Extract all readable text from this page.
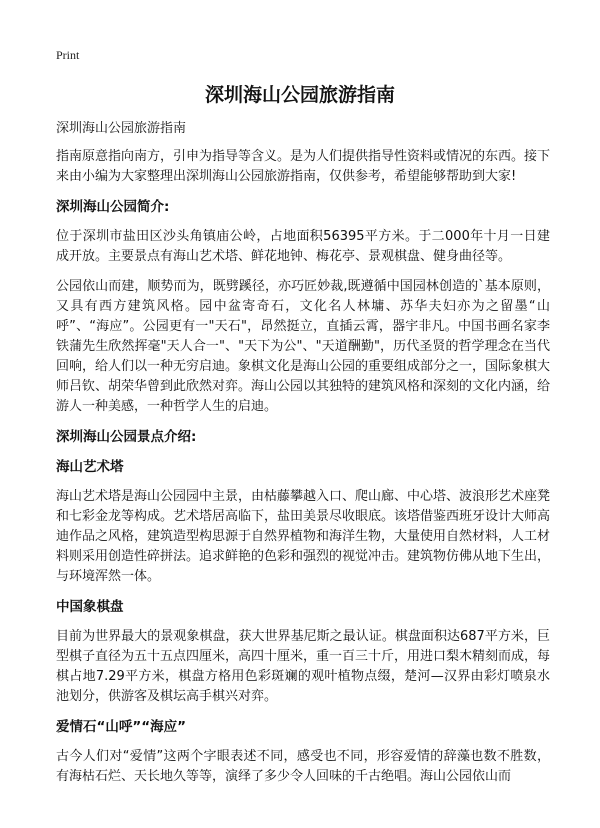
Print
深圳海山公园旅游指南

深圳海山公园旅游指南

指南原意指向南方，引申为指导等含义。是为人们提供指导性资料或情况的东西。接下来由小编为大家整理出深圳海山公园旅游指南，仅供参考，希望能够帮助到大家!

深圳海山公园简介:

位于深圳市盐田区沙头角镇庙公岭，占地面积56395平方米。于二000年十月一日建成开放。主要景点有海山艺术塔、鲜花地钟、梅花亭、景观棋盘、健身曲径等。

公园依山而建，顺势而为，既劈蹊径，亦巧匠妙裁,既遵循中国园林创造的`基本原则，又具有西方建筑风格。园中盆寄奇石，文化名人林墉、苏华夫妇亦为之留墨“山呼”、“海应”。公园更有一"天石"，昂然挺立，直插云霄，器宇非凡。中国书画名家李铁蒲先生欣然挥毫"天人合一"、"天下为公"、"天道酬勤"，历代圣贤的哲学理念在当代回响，给人们以一种无穷启迪。象棋文化是海山公园的重要组成部分之一，国际象棋大师吕钦、胡荣华曾到此欣然对弈。海山公园以其独特的建筑风格和深刻的文化内涵，给游人一种美感，一种哲学人生的启迪。

深圳海山公园景点介绍:
海山艺术塔

海山艺术塔是海山公园园中主景，由枯藤攀越入口、爬山廊、中心塔、波浪形艺术座凳和七彩金龙等构成。艺术塔居高临下，盐田美景尽收眼底。该塔借鉴西班牙设计大师高迪作品之风格，建筑造型构思源于自然界植物和海洋生物，大量使用自然材料，人工材料则采用创造性碎拼法。追求鲜艳的色彩和强烈的视觉冲击。建筑物仿佛从地下生出，与环境浑然一体。

中国象棋盘

目前为世界最大的景观象棋盘，获大世界基尼斯之最认证。棋盘面积达687平方米，巨型棋子直径为五十五点四厘米，高四十厘米，重一百三十斤，用进口梨木精刻而成，每棋占地7.29平方米，棋盘方格用色彩斑斓的观叶植物点缀，楚河—汉界由彩灯喷泉水池划分，供游客及棋坛高手棋兴对弈。

爱情石“山呼”“海应”

古今人们对“爱情”这两个字眼表述不同，感受也不同，形容爱情的辞藻也数不胜数，有海枯石烂、天长地久等等，演绎了多少令人回味的千古绝唱。海山公园依山而
